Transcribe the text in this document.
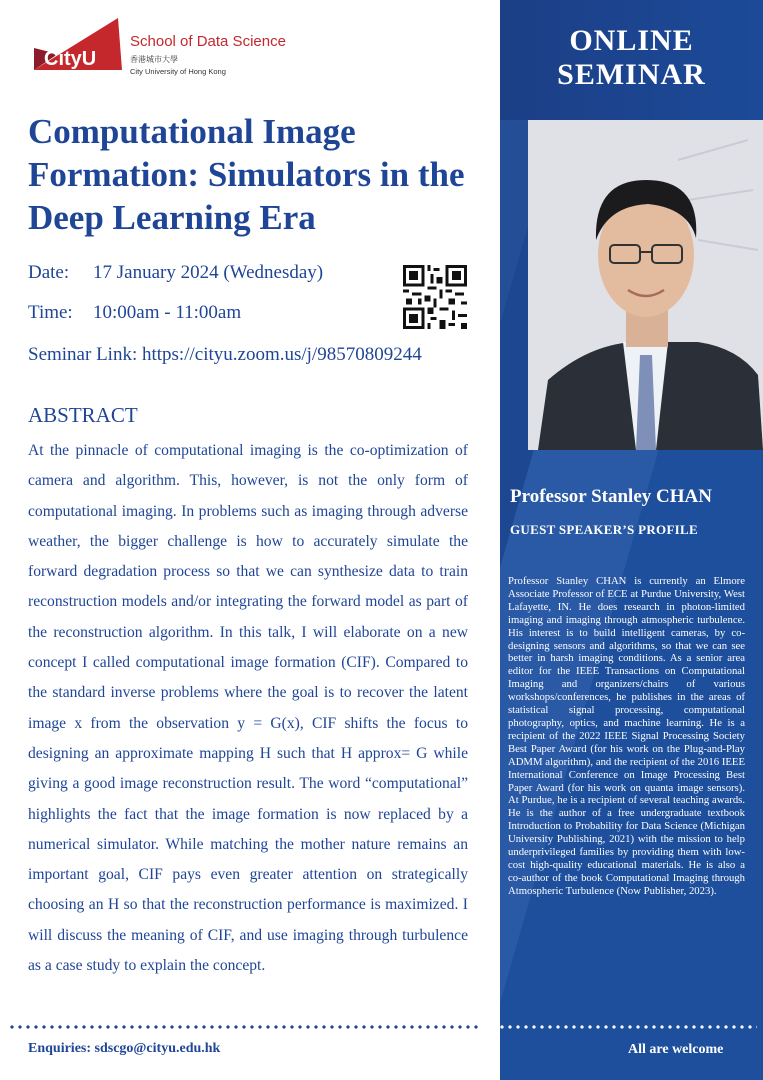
ONLINE
SEMINAR
Professor Stanley CHAN
GUEST SPEAKER’S PROFILE
Professor Stanley CHAN is currently an Elmore Associate Professor of ECE at Purdue University, West Lafayette, IN. He does research in photon-limited imaging and imaging through atmospheric turbulence. His interest is to build intelligent cameras, by co-designing sensors and algorithms, so that we can see better in harsh imaging conditions. As a senior area editor for the IEEE Transactions on Computational Imaging and organizers/chairs of various workshops/conferences, he publishes in the areas of statistical signal processing, computational photography, optics, and machine learning. He is a recipient of the 2022 IEEE Signal Processing Society Best Paper Award (for his work on the Plug-and-Play ADMM algorithm), and the recipient of the 2016 IEEE International Conference on Image Processing Best Paper Award (for his work on quanta image sensors). At Purdue, he is a recipient of several teaching awards. He is the author of a free undergraduate textbook Introduction to Probability for Data Science (Michigan University Publishing, 2021) with the mission to help underprivileged families by providing them with low-cost high-quality educational materials. He is also a co-author of the book Computational Imaging through Atmospheric Turbulence (Now Publisher, 2023).
All are welcome
CityU
School of Data Science
香港城市大學
City University of Hong Kong
Computational Image Formation: Simulators in the Deep Learning Era
Date: 17 January 2024 (Wednesday)
Time: 10:00am - 11:00am
Seminar Link: https://cityu.zoom.us/j/98570809244
ABSTRACT

At the pinnacle of computational imaging is the co-optimization of camera and algorithm. This, however, is not the only form of computational imaging. In problems such as imaging through adverse weather, the bigger challenge is how to accurately simulate the forward degradation process so that we can synthesize data to train reconstruction models and/or integrating the forward model as part of the reconstruction algorithm. In this talk, I will elaborate on a new concept I called computational image formation (CIF). Compared to the standard inverse problems where the goal is to recover the latent image x from the observation y = G(x), CIF shifts the focus to designing an approximate mapping H such that H approx= G while giving a good image reconstruction result. The word “computational” highlights the fact that the image formation is now replaced by a numerical simulator. While matching the mother nature remains an important goal, CIF pays even greater attention on strategically choosing an H so that the reconstruction performance is maximized. I will discuss the meaning of CIF, and use imaging through turbulence as a case study to explain the concept.

Enquiries: sdscgo@cityu.edu.hk
